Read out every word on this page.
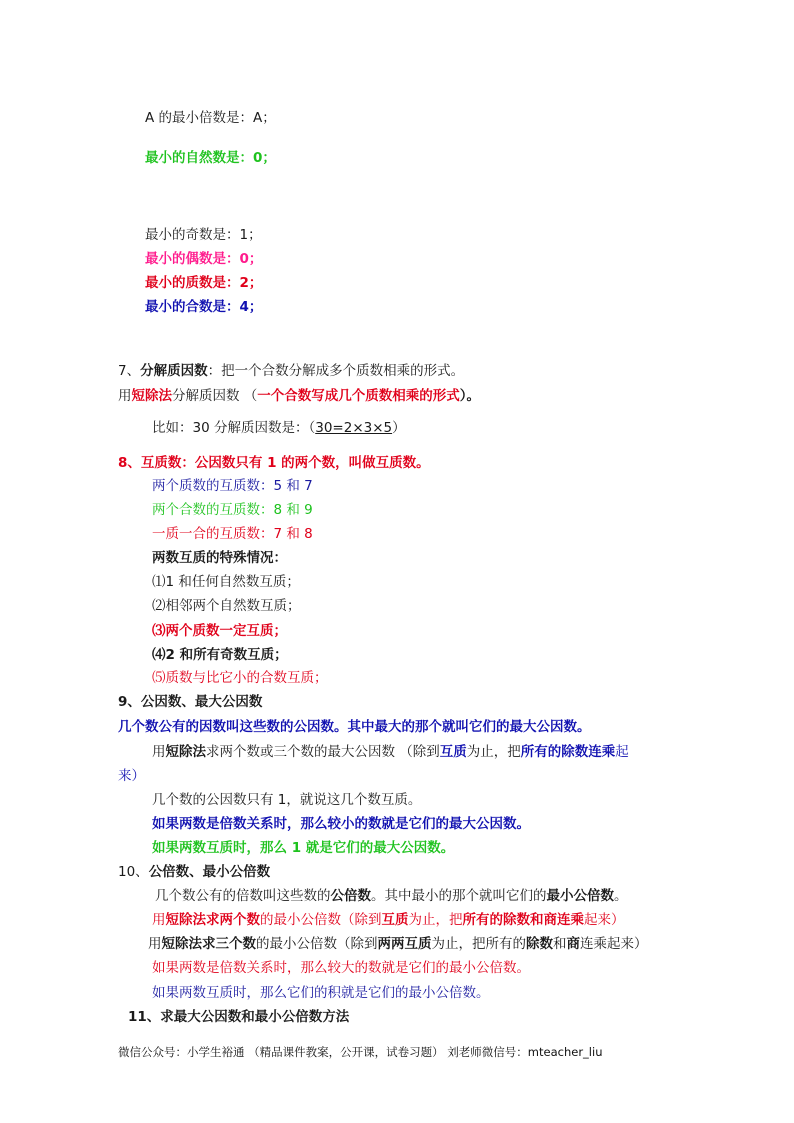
A 的最小倍数是：A；
最小的自然数是：0；
最小的奇数是：1；
最小的偶数是：0；
最小的质数是：2；
最小的合数是：4；
7、分解质因数：把一个合数分解成多个质数相乘的形式。
用短除法分解质因数 （一个合数写成几个质数相乘的形式）。
比如：30 分解质因数是：（30=2×3×5）
8、互质数：公因数只有 1 的两个数，叫做互质数。
两个质数的互质数：5 和 7
两个合数的互质数：8 和 9
一质一合的互质数：7 和 8
两数互质的特殊情况：
⑴1 和任何自然数互质；
⑵相邻两个自然数互质；
⑶两个质数一定互质；
⑷2 和所有奇数互质；
⑸质数与比它小的合数互质；
9、公因数、最大公因数
几个数公有的因数叫这些数的公因数。其中最大的那个就叫它们的最大公因数。
用短除法求两个数或三个数的最大公因数 （除到互质为止，把所有的除数连乘起
来）
几个数的公因数只有 1，就说这几个数互质。
如果两数是倍数关系时，那么较小的数就是它们的最大公因数。
如果两数互质时，那么 1 就是它们的最大公因数。
10、公倍数、最小公倍数
几个数公有的倍数叫这些数的公倍数。其中最小的那个就叫它们的最小公倍数。
用短除法求两个数的最小公倍数（除到互质为止，把所有的除数和商连乘起来）
用短除法求三个数的最小公倍数（除到两两互质为止，把所有的除数和商连乘起来）
如果两数是倍数关系时，那么较大的数就是它们的最小公倍数。
如果两数互质时，那么它们的积就是它们的最小公倍数。
11、求最大公因数和最小公倍数方法
微信公众号：小学生裕通 （精品课件教案，公开课，试卷习题） 刘老师微信号：mteacher_liu
